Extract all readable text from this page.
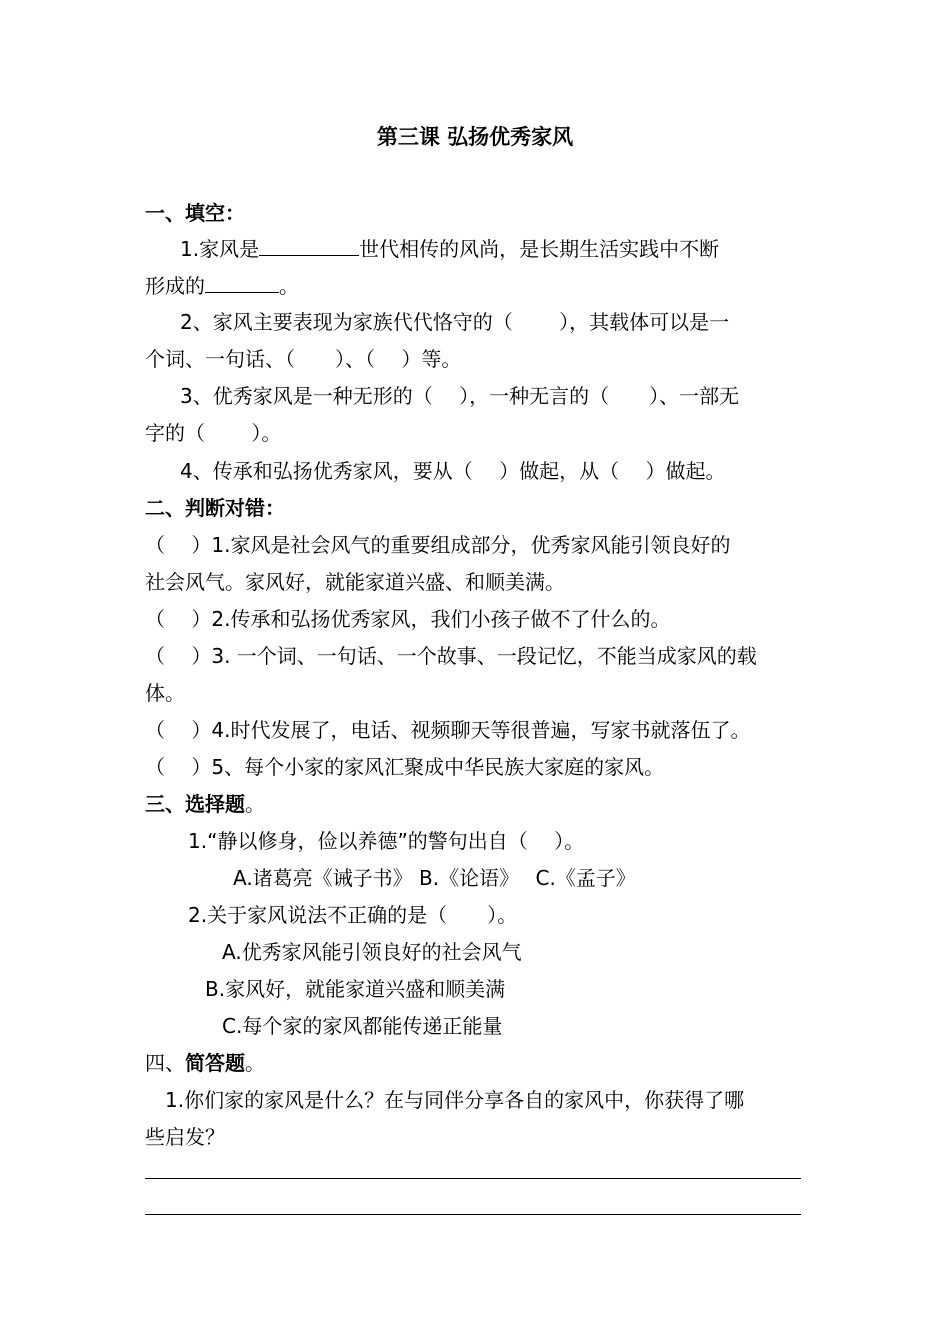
第三课 弘扬优秀家风
一、填空：
1.家风是	世代相传的风尚，是长期生活实践中不断
形成的	。
2、家风主要表现为家族代代恪守的（　　 ），其载体可以是一
个词、一句话、（　　）、（　 ）等。
3、优秀家风是一种无形的（　 ），一种无言的（　　）、一部无
字的（　　 ）。
4、传承和弘扬优秀家风，要从（　 ）做起，从（　 ）做起。
二、判断对错：
（　 ）1.家风是社会风气的重要组成部分，优秀家风能引领良好的
社会风气。家风好，就能家道兴盛、和顺美满。
（　 ）2.传承和弘扬优秀家风，我们小孩子做不了什么的。
（　 ）3. 一个词、一句话、一个故事、一段记忆，不能当成家风的载
体。
（　 ）4.时代发展了，电话、视频聊天等很普遍，写家书就落伍了。
（　 ）5、每个小家的家风汇聚成中华民族大家庭的家风。
三、选择题。
1.“静以修身，俭以养德”的警句出自（　 ）。
A.诸葛亮《诫子书》 B.《论语》　 C.《孟子》
2.关于家风说法不正确的是（　　）。
A.优秀家风能引领良好的社会风气
B.家风好，就能家道兴盛和顺美满
C.每个家的家风都能传递正能量
四、简答题。
1.你们家的家风是什么？在与同伴分享各自的家风中，你获得了哪
些启发？
